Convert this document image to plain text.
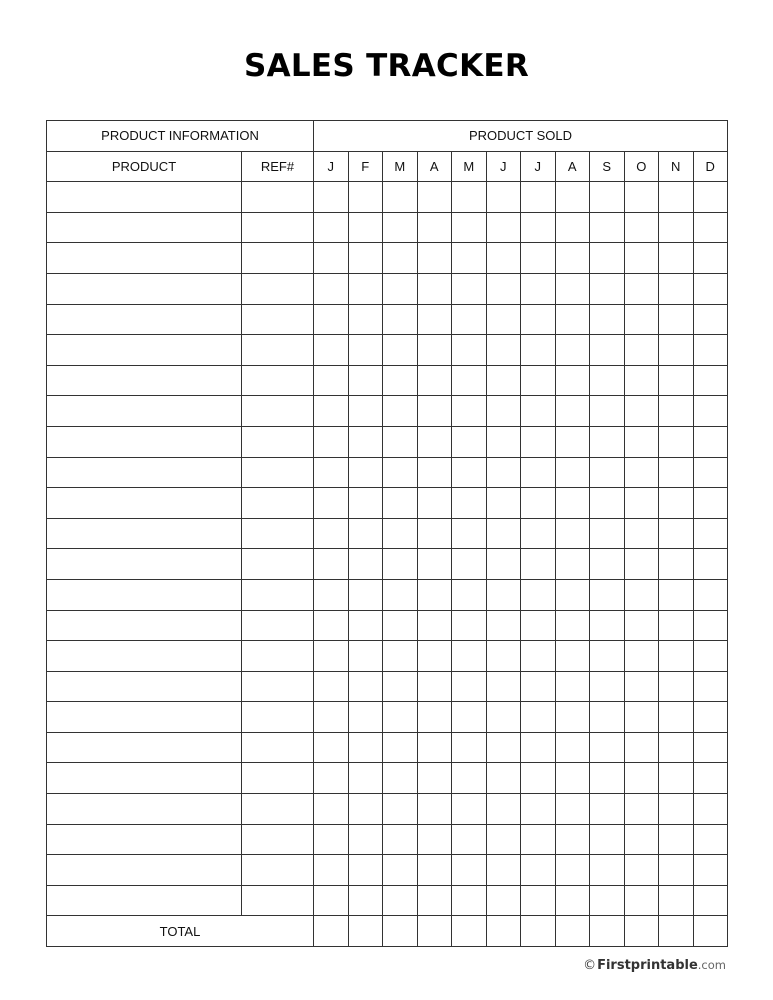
SALES TRACKER
PRODUCT INFORMATION		PRODUCT SOLD											
PRODUCT	REF#	J	F	M	A	M	J	J	A	S	O	N	D

TOTAL													
©Firstprintable.com
